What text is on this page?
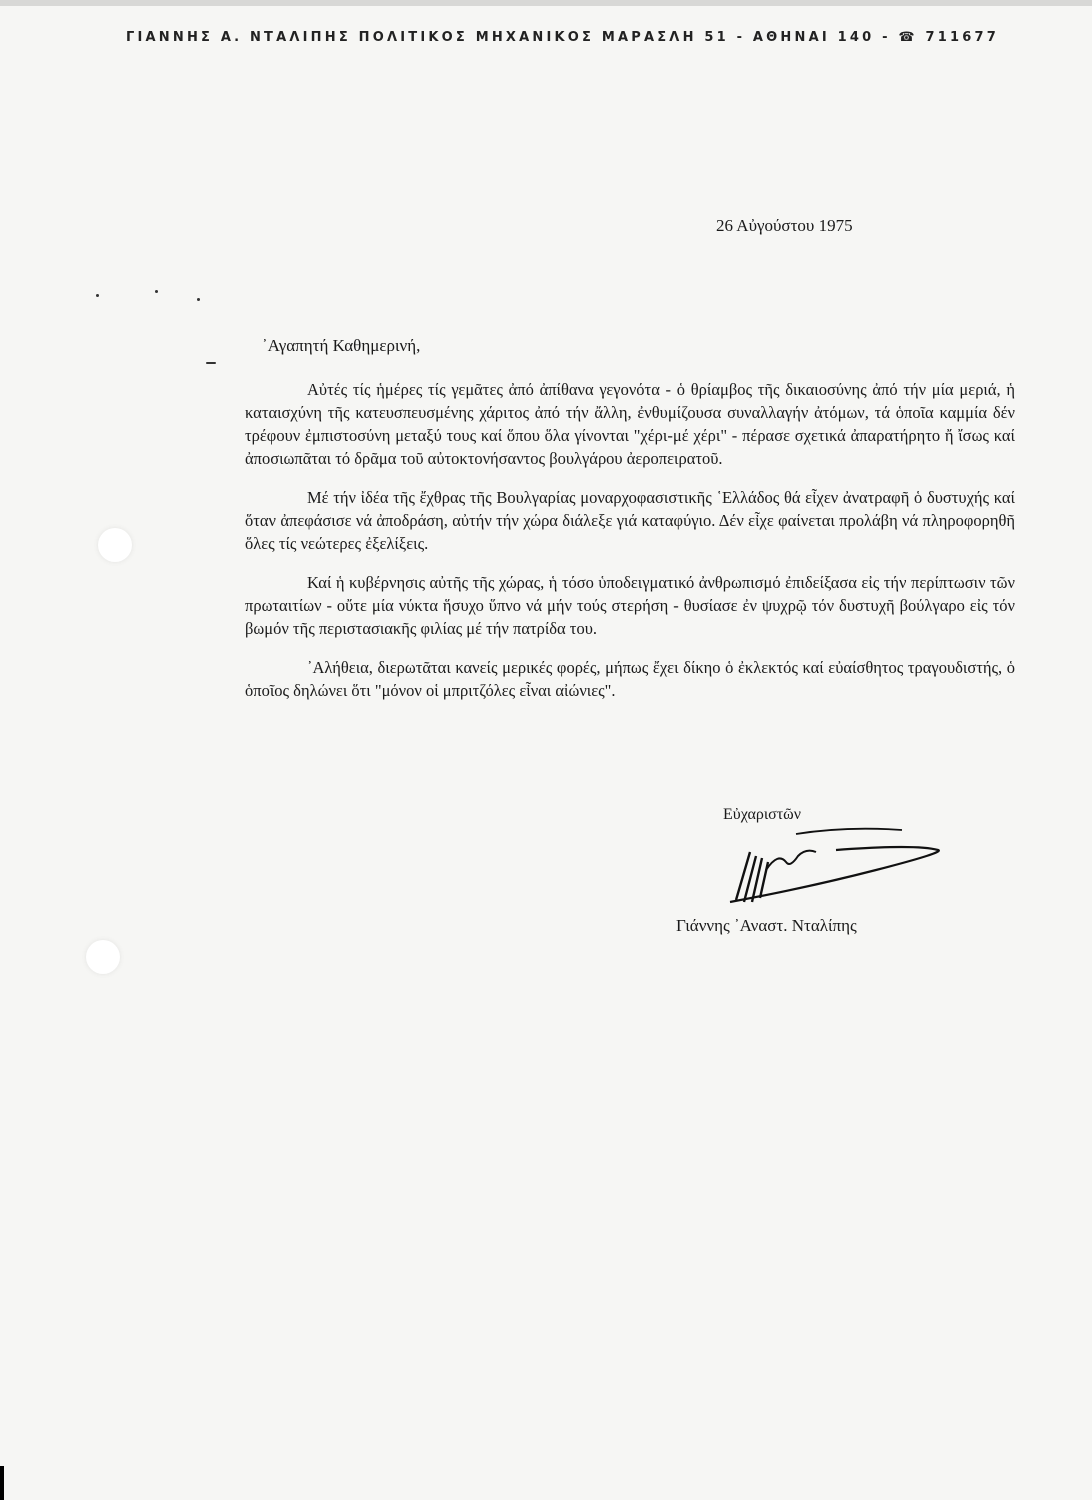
ΓΙΑΝΝΗΣ Α. ΝΤΑΛΙΠΗΣ ΠΟΛΙΤΙΚΟΣ ΜΗΧΑΝΙΚΟΣ ΜΑΡΑΣΛΗ 51 - ΑΘΗΝΑΙ 140 - ☎ 711677
26 Αὐγούστου 1975
᾿Αγαπητή Καθημερινή,

Αὐτές τίς ἡμέρες τίς γεμᾶτες ἀπό ἀπίθανα γεγονότα - ὁ θρίαμβος τῆς δικαιοσύνης ἀπό τήν μία μεριά, ἡ καταισχύνη τῆς κατευσπευσμένης χάριτος ἀπό τήν ἄλλη, ἐνθυμίζουσα συναλλαγήν ἀτόμων, τά ὁποῖα καμμία δέν τρέφουν ἐμπιστοσύνη μεταξύ τους καί ὅπου ὅλα γίνονται "χέρι-μέ χέρι" - πέρασε σχετικά ἀπαρατήρητο ἤ ἴσως καί ἀποσιωπᾶται τό δρᾶμα τοῦ αὐτοκτονήσαντος βουλγάρου ἀεροπειρατοῦ.

Μέ τήν ἰδέα τῆς ἔχθρας τῆς Βουλγαρίας μοναρχοφασιστικῆς ῾Ελλάδος θά εἶχεν ἀνατραφῆ ὁ δυστυχής καί ὅταν ἀπεφάσισε νά ἀποδράση, αὐτήν τήν χώρα διάλεξε γιά καταφύγιο. Δέν εἶχε φαίνεται προλάβη νά πληροφορηθῆ ὅλες τίς νεώτερες ἐξελίξεις.

Καί ἡ κυβέρνησις αὐτῆς τῆς χώρας, ἡ τόσο ὑποδειγματικό ἀνθρωπισμό ἐπιδείξασα εἰς τήν περίπτωσιν τῶν πρωταιτίων - οὔτε μία νύκτα ἥσυχο ὕπνο νά μήν τούς στερήση - θυσίασε ἐν ψυχρῷ τόν δυστυχῆ βούλγαρο εἰς τόν βωμόν τῆς περιστασιακῆς φιλίας μέ τήν πατρίδα του.

᾿Αλήθεια, διερωτᾶται κανείς μερικές φορές, μήπως ἔχει δίκηο ὁ ἐκλεκτός καί εὐαίσθητος τραγουδιστής, ὁ ὁποῖος δηλώνει ὅτι "μόνον οἱ μπριτζόλες εἶναι αἰώνιες".

Εὐχαριστῶν
Γιάννης ᾿Αναστ. Νταλίπης
